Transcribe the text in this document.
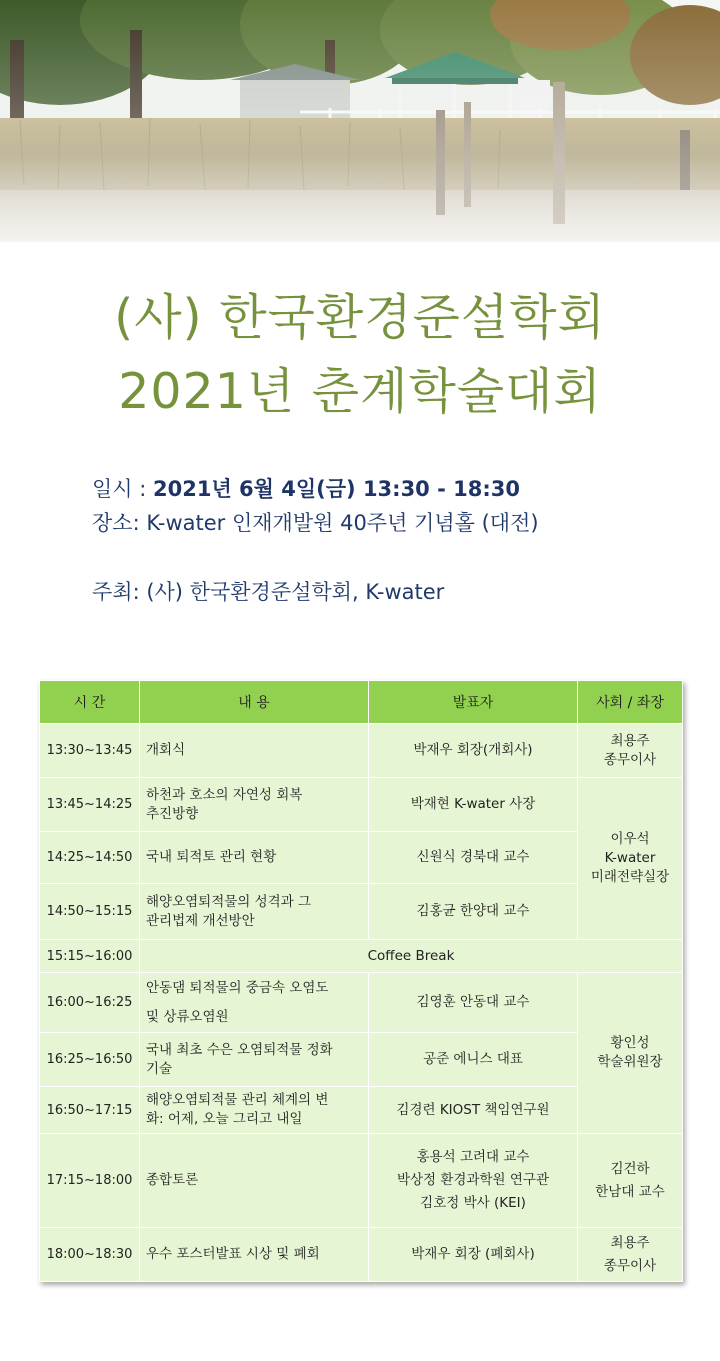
(사) 한국환경준설학회
2021년 춘계학술대회
일시 : 2021년 6월 4일(금) 13:30 - 18:30
장소: K-water 인재개발원 40주년 기념홀 (대전)
주최: (사) 한국환경준설학회, K-water
시 간	내 용	발표자	사회 / 좌장
13:30~13:45	개회식	박재우 회장(개회사)	최용주
종무이사
13:45~14:25	하천과 호소의 자연성 회복
추진방향	박재현 K-water 사장	이우석
K-water
미래전략실장
14:25~14:50	국내 퇴적토 관리 현황	신원식 경북대 교수	
14:50~15:15	해양오염퇴적물의 성격과 그
관리법제 개선방안	김홍균 한양대 교수	
15:15~16:00	Coffee Break		
16:00~16:25	안동댐 퇴적물의 중금속 오염도
및 상류오염원	김영훈 안동대 교수	황인성
학술위원장
16:25~16:50	국내 최초 수은 오염퇴적물 정화
기술	공준 에니스 대표	
16:50~17:15	해양오염퇴적물 관리 체계의 변
화: 어제, 오늘 그리고 내일	김경련 KIOST 책임연구원	
17:15~18:00	종합토론	홍용석 고려대 교수
박상정 환경과학원 연구관
김호정 박사 (KEI)	김건하
한남대 교수
18:00~18:30	우수 포스터발표 시상 및 폐회	박재우 회장 (폐회사)	최용주
종무이사
